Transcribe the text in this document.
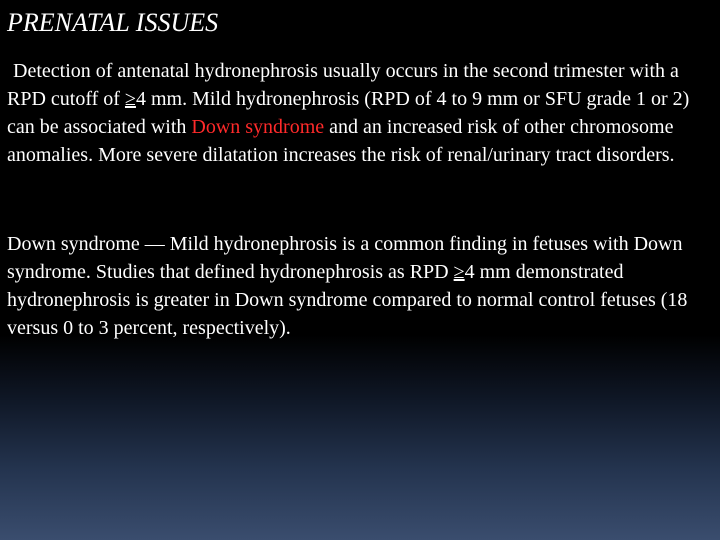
PRENATAL ISSUES
Detection of antenatal hydronephrosis usually occurs in the second trimester with a RPD cutoff of ≥4 mm. Mild hydronephrosis (RPD of 4 to 9 mm or SFU grade 1 or 2) can be associated with Down syndrome and an increased risk of other chromosome anomalies. More severe dilatation increases the risk of renal/urinary tract disorders.
Down syndrome — Mild hydronephrosis is a common finding in fetuses with Down syndrome. Studies that defined hydronephrosis as RPD ≥4 mm demonstrated hydronephrosis is greater in Down syndrome compared to normal control fetuses (18 versus 0 to 3 percent, respectively).
